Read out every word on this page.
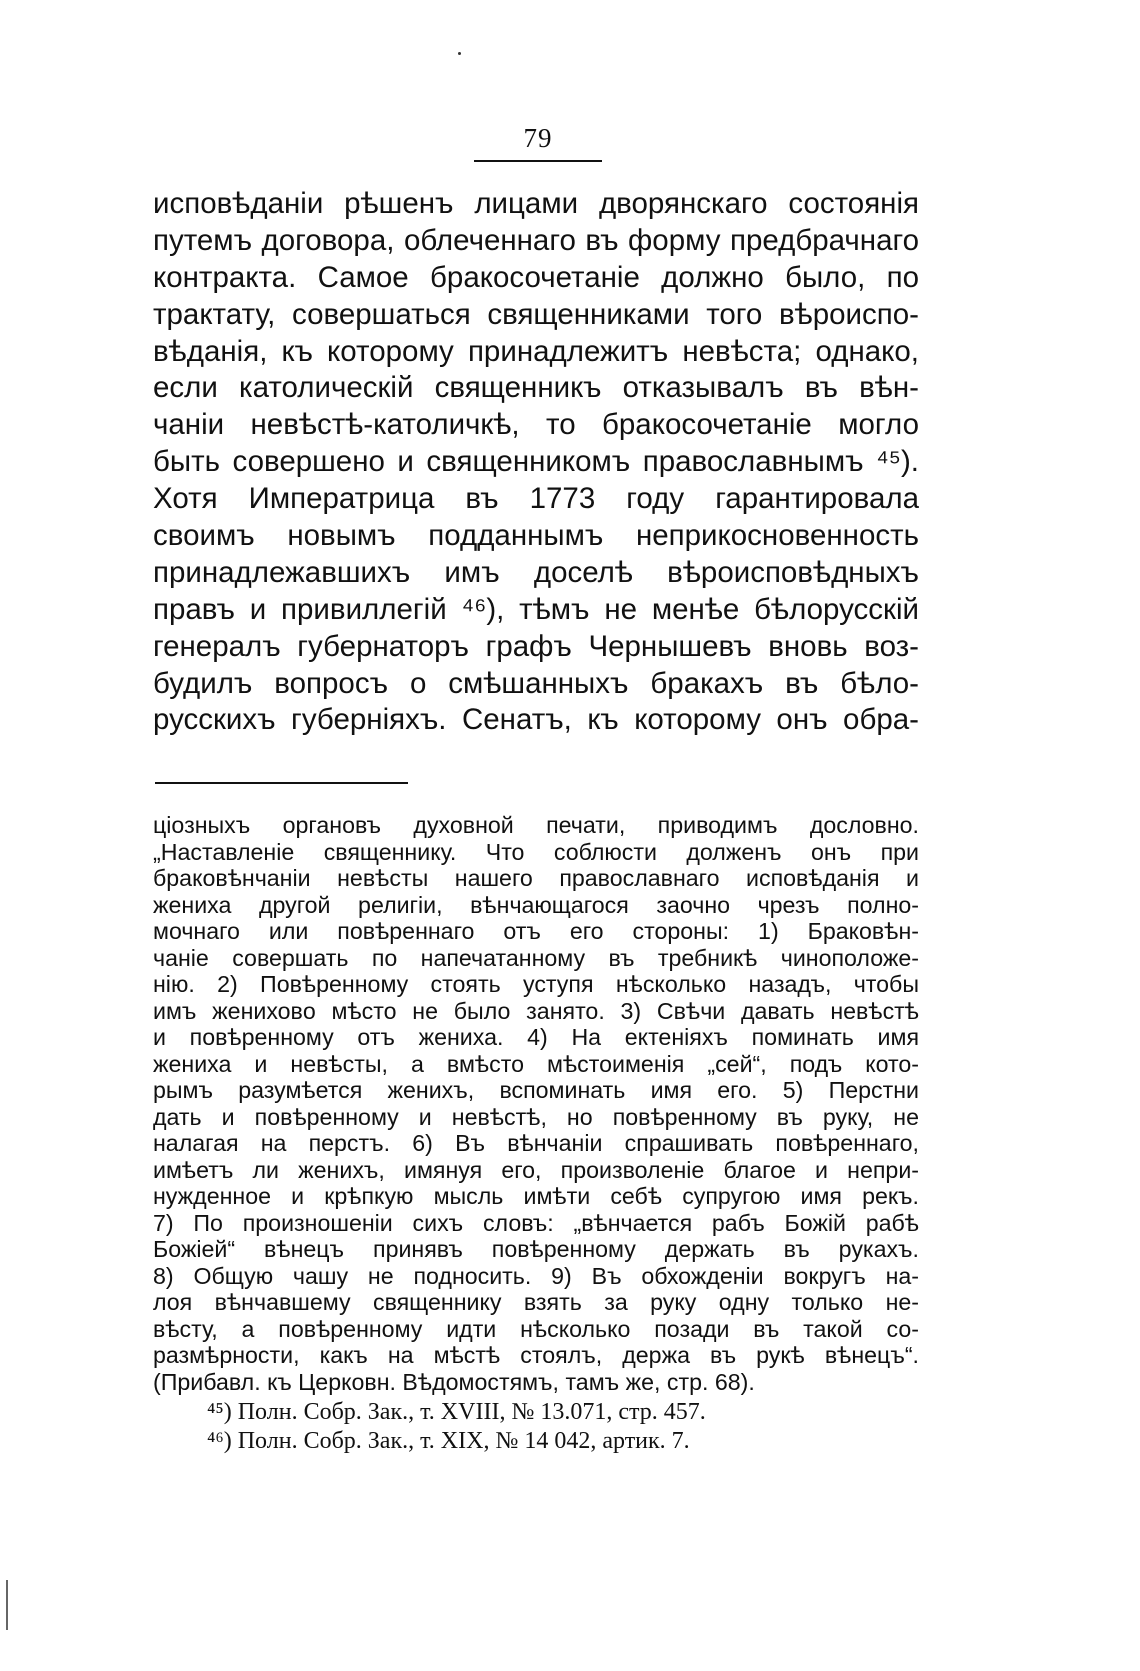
79
исповѣданiи рѣшенъ лицами дворянскаго состоянiя
путемъ договора, облеченнаго въ форму предбрачнаго
контракта. Самое бракосочетанiе должно было, по
трактату, совершаться священниками того вѣроиспо-
вѣданiя, къ которому принадлежитъ невѣста; однако,
если католическiй священникъ отказывалъ въ вѣн-
чанiи невѣстѣ-католичкѣ, то бракосочетанiе могло
быть совершено и священникомъ православнымъ ⁴⁵).
Хотя Императрица въ 1773 году гарантировала
своимъ новымъ подданнымъ неприкосновенность
принадлежавшихъ имъ доселѣ вѣроисповѣдныхъ
правъ и привиллегiй ⁴⁶), тѣмъ не менѣе бѣлорусскiй
генералъ губернаторъ графъ Чернышевъ вновь воз-
будилъ вопросъ о смѣшанныхъ бракахъ въ бѣло-
русскихъ губернiяхъ. Сенатъ, къ которому онъ обра-
цiозныхъ органовъ духовной печати, приводимъ дословно.
„Наставленiе священнику. Что соблюсти долженъ онъ при
браковѣнчанiи невѣсты нашего православнаго исповѣданiя и
жениха другой религiи, вѣнчающагося заочно чрезъ полно-
мочнаго или повѣреннаго отъ его стороны: 1) Браковѣн-
чанiе совершать по напечатанному въ требникѣ чиноположе-
нiю. 2) Повѣренному стоять уступя нѣсколько назадъ, чтобы
имъ жениховo мѣсто не было занято. 3) Свѣчи давать невѣстѣ
и повѣренному отъ жениха. 4) На ектенiяхъ поминать имя
жениха и невѣсты, а вмѣсто мѣстоименiя „сей“, подъ кото-
рымъ разумѣется женихъ, вспоминать имя его. 5) Перстни
дать и повѣренному и невѣстѣ, но повѣренному въ руку, не
налагая на перстъ. 6) Въ вѣнчанiи спрашивать повѣреннаго,
имѣетъ ли женихъ, имянуя его, произволенiе благое и непри-
нужденное и крѣпкую мысль имѣти себѣ супругою имя рекъ.
7) По произношенiи сихъ словъ: „вѣнчается рабъ Божiй рабѣ
Божiей“ вѣнецъ принявъ повѣренному держать въ рукахъ.
8) Общую чашу не подносить. 9) Въ обхожденiи вокругъ на-
лоя вѣнчавшему священнику взять за руку одну только не-
вѣсту, а повѣренному идти нѣсколько позади въ такой со-
размѣрности, какъ на мѣстѣ стоялъ, держа въ рукѣ вѣнецъ“.
(Прибавл. къ Церковн. Вѣдомостямъ, тамъ же, стр. 68).
⁴⁵) Полн. Собр. Зак., т. XVIII, № 13.071, стр. 457.
⁴⁶) Полн. Собр. Зак., т. XIX, № 14 042, артик. 7.
